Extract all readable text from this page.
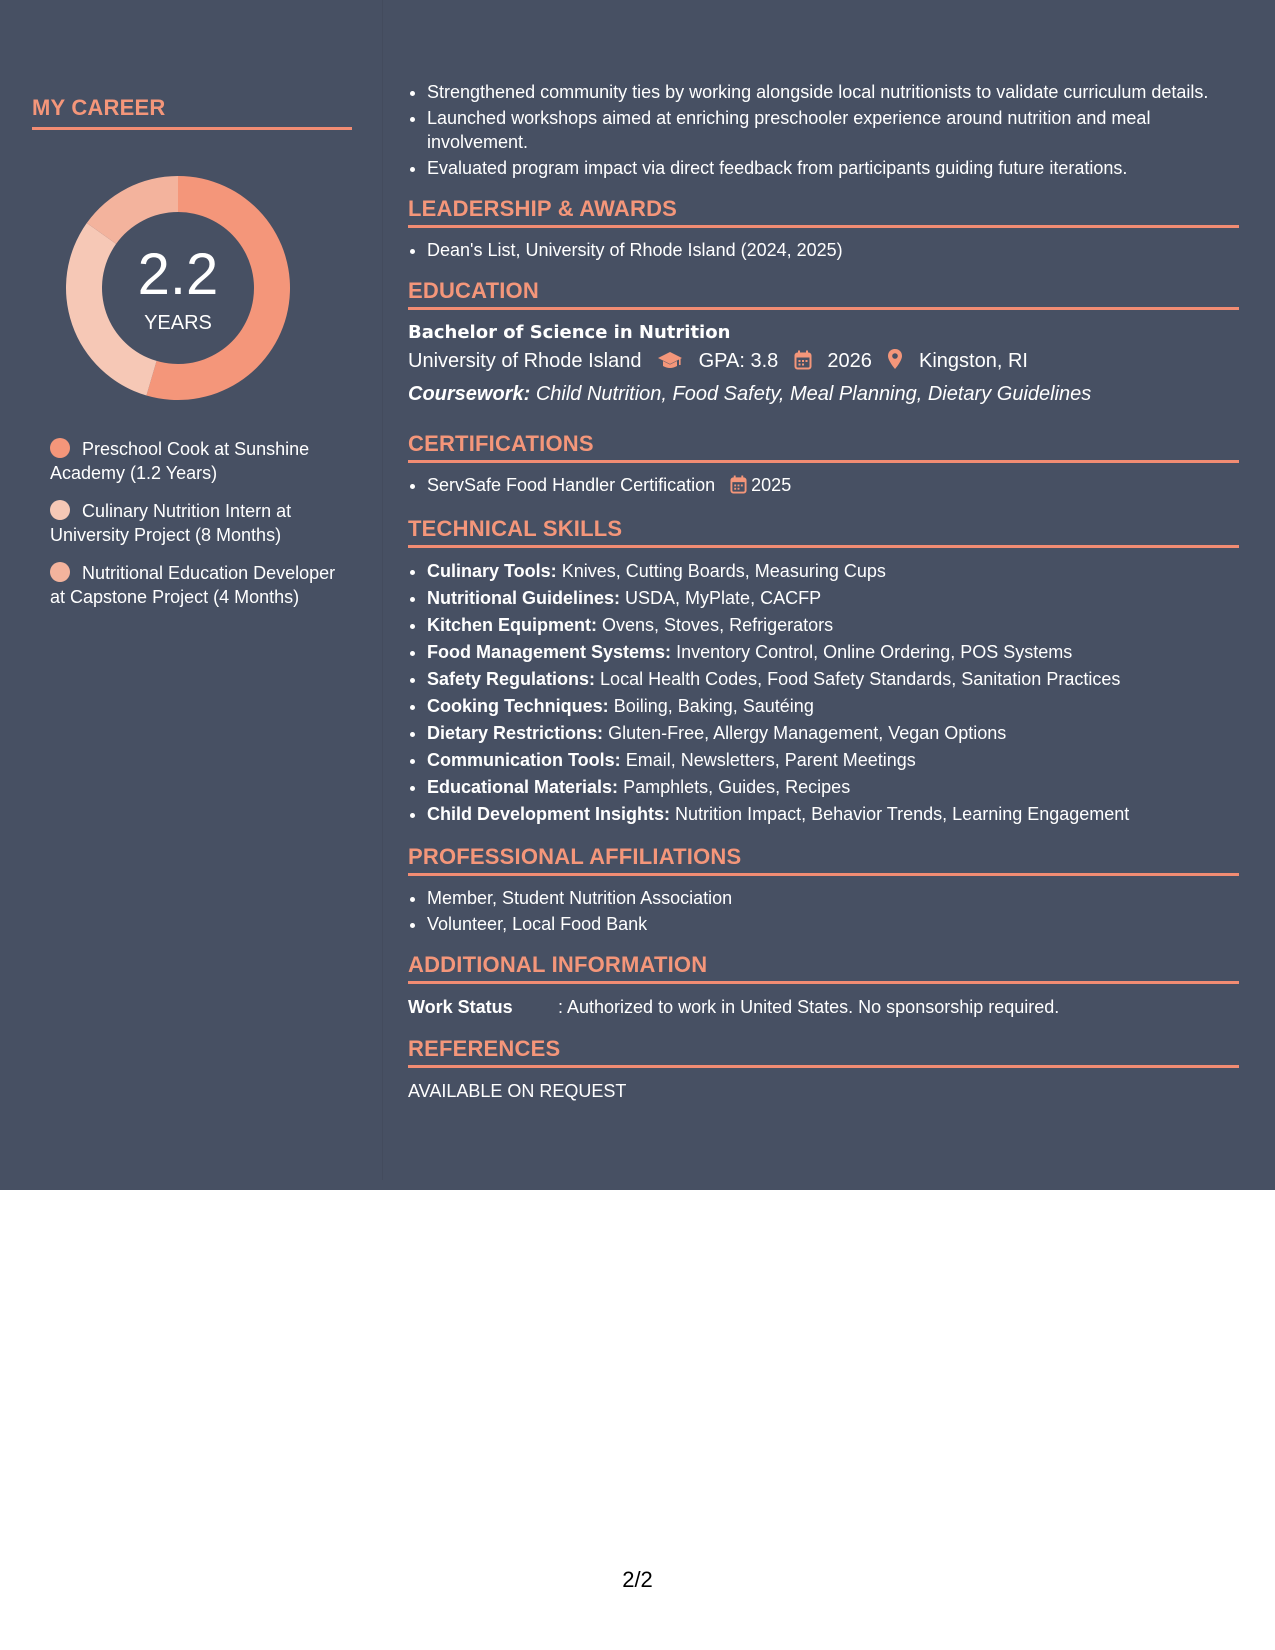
MY CAREER
2.2
YEARS
Preschool Cook at Sunshine Academy (1.2 Years)
Culinary Nutrition Intern at University Project (8 Months)
Nutritional Education Developer at Capstone Project (4 Months)
• Strengthened community ties by working alongside local nutritionists to validate curriculum details.
• Launched workshops aimed at enriching preschooler experience around nutrition and meal involvement.
• Evaluated program impact via direct feedback from participants guiding future iterations.
LEADERSHIP & AWARDS
• Dean's List, University of Rhode Island (2024, 2025)
EDUCATION
Bachelor of Science in Nutrition
University of Rhode Island	GPA: 3.8 2026 Kingston, RI
Coursework: Child Nutrition, Food Safety, Meal Planning, Dietary Guidelines
CERTIFICATIONS
• ServSafe Food Handler Certification 2025
TECHNICAL SKILLS
• Culinary Tools: Knives, Cutting Boards, Measuring Cups
• Nutritional Guidelines: USDA, MyPlate, CACFP
• Kitchen Equipment: Ovens, Stoves, Refrigerators
• Food Management Systems: Inventory Control, Online Ordering, POS Systems
• Safety Regulations: Local Health Codes, Food Safety Standards, Sanitation Practices
• Cooking Techniques: Boiling, Baking, Sautéing
• Dietary Restrictions: Gluten-Free, Allergy Management, Vegan Options
• Communication Tools: Email, Newsletters, Parent Meetings
• Educational Materials: Pamphlets, Guides, Recipes
• Child Development Insights: Nutrition Impact, Behavior Trends, Learning Engagement
PROFESSIONAL AFFILIATIONS
• Member, Student Nutrition Association
• Volunteer, Local Food Bank
ADDITIONAL INFORMATION
Work Status	: Authorized to work in United States. No sponsorship required.
REFERENCES
AVAILABLE ON REQUEST
2/2
